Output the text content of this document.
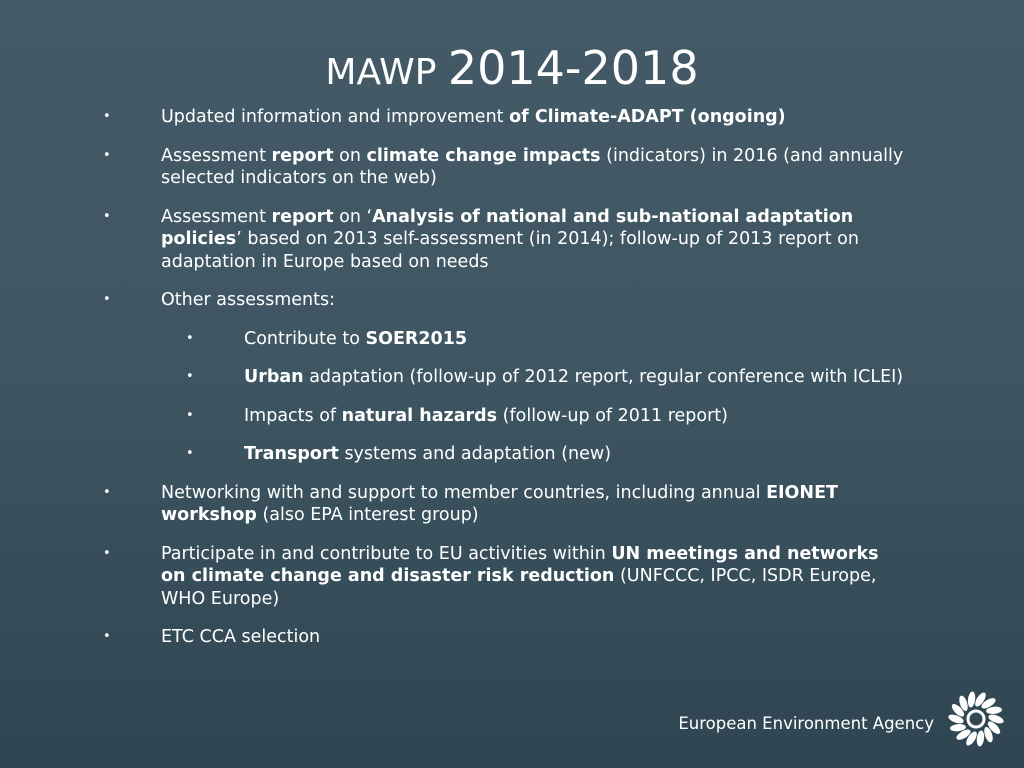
MAWP 2014-2018
•	Updated information and improvement of Climate-ADAPT (ongoing)
•	Assessment report on climate change impacts (indicators) in 2016 (and annually selected indicators on the web)
•	Assessment report on ‘Analysis of national and sub-national adaptation policies’ based on 2013 self-assessment (in 2014); follow-up of 2013 report on adaptation in Europe based on needs
•	Other assessments:
•	Contribute to SOER2015
•	Urban adaptation (follow-up of 2012 report, regular conference with ICLEI)
•	Impacts of natural hazards (follow-up of 2011 report)
•	Transport systems and adaptation (new)
•	Networking with and support to member countries, including annual EIONET workshop (also EPA interest group)
•	Participate in and contribute to EU activities within UN meetings and networks on climate change and disaster risk reduction (UNFCCC, IPCC, ISDR Europe, WHO Europe)
•	ETC CCA selection
European Environment Agency
